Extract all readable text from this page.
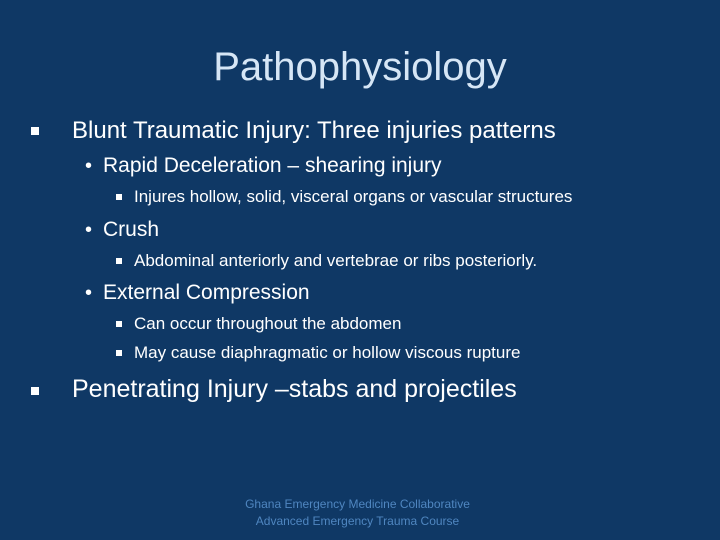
Pathophysiology
Blunt Traumatic Injury: Three injuries patterns
• Rapid Deceleration – shearing injury
Injures hollow, solid, visceral organs or vascular structures
• Crush
Abdominal anteriorly and vertebrae or ribs posteriorly.
• External Compression
Can occur throughout the abdomen
May cause diaphragmatic or hollow viscous rupture
Penetrating Injury –stabs and projectiles
Ghana Emergency Medicine Collaborative
Advanced Emergency Trauma Course
